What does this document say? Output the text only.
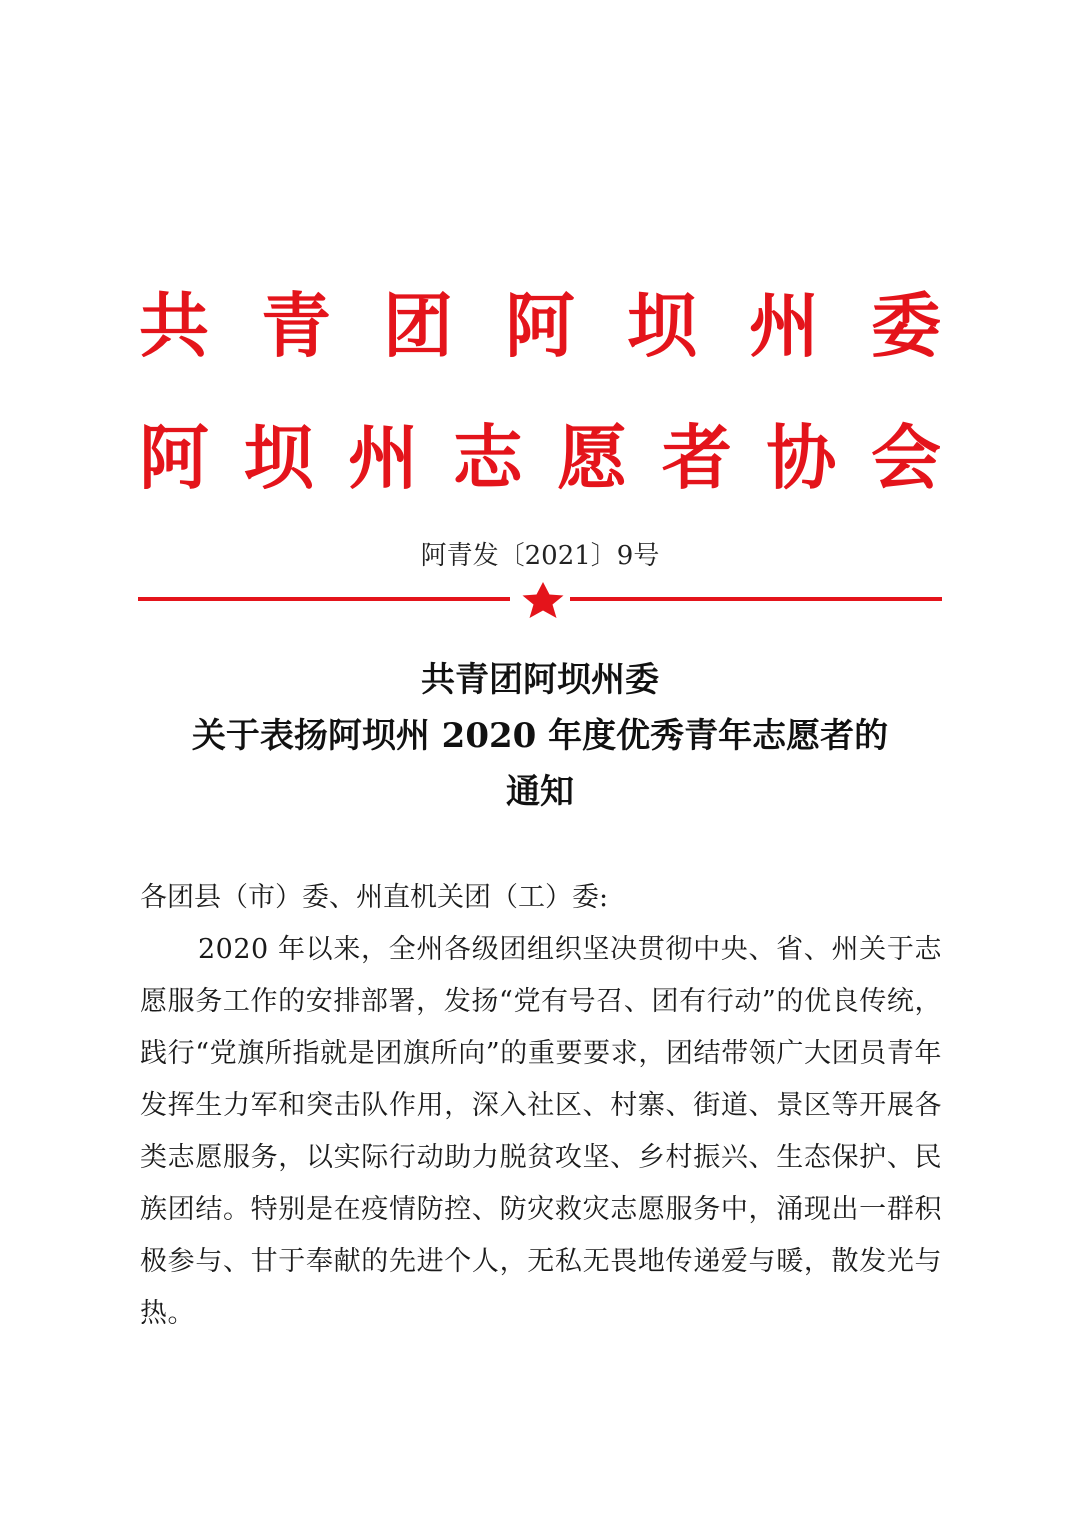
共 青 团 阿 坝 州 委
阿 坝 州 志 愿 者 协 会
阿青发〔2021〕9号
共青团阿坝州委
关于表扬阿坝州 2020 年度优秀青年志愿者的
通知

各团县（市）委、州直机关团（工）委:

2020 年以来，全州各级团组织坚决贯彻中央、省、州关于志愿服务工作的安排部署，发扬“党有号召、团有行动”的优良传统，践行“党旗所指就是团旗所向”的重要要求，团结带领广大团员青年发挥生力军和突击队作用，深入社区、村寨、街道、景区等开展各类志愿服务，以实际行动助力脱贫攻坚、乡村振兴、生态保护、民族团结。特别是在疫情防控、防灾救灾志愿服务中，涌现出一群积极参与、甘于奉献的先进个人，无私无畏地传递爱与暖，散发光与热。
